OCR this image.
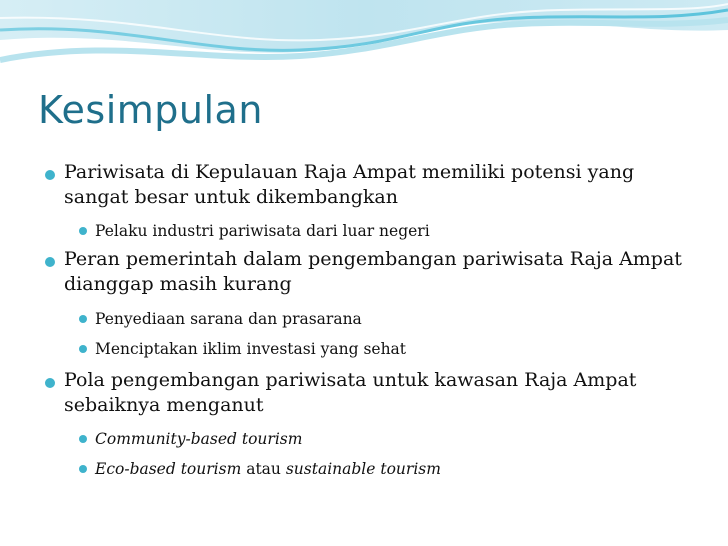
Kesimpulan
Pariwisata di Kepulauan Raja Ampat memiliki potensi yang sangat besar untuk dikembangkan
Pelaku industri pariwisata dari luar negeri
Peran pemerintah dalam pengembangan pariwisata Raja Ampat dianggap masih kurang
Penyediaan sarana dan prasarana
Menciptakan iklim investasi yang sehat
Pola pengembangan pariwisata untuk kawasan Raja Ampat sebaiknya menganut
Community-based tourism
Eco-based tourism atau sustainable tourism
